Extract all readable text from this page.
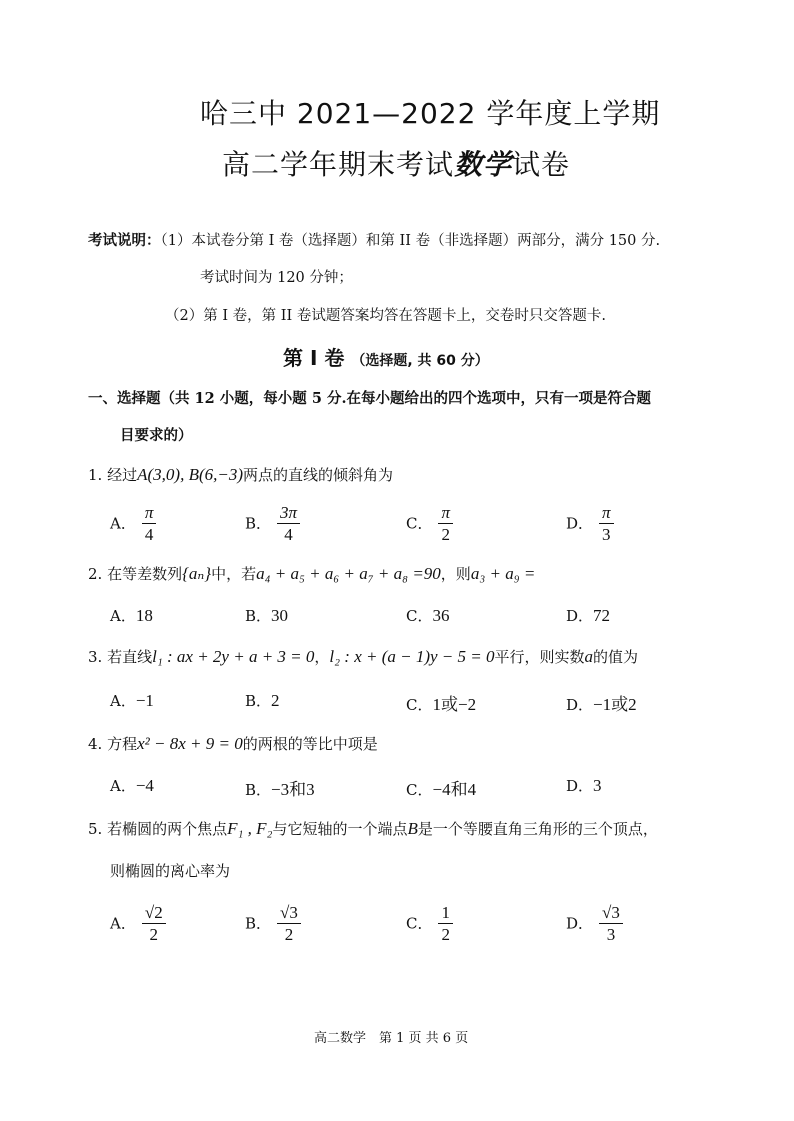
哈三中 2021—2022 学年度上学期
高二学年期末考试数学试卷
考试说明：（1）本试卷分第 I 卷（选择题）和第 II 卷（非选择题）两部分，满分 150 分.
考试时间为 120 分钟；
（2）第 I 卷，第 II 卷试题答案均答在答题卡上，交卷时只交答题卡.
第 I 卷 （选择题, 共 60 分）
一、选择题（共 12 小题，每小题 5 分.在每小题给出的四个选项中，只有一项是符合题
目要求的）
1. 经过A(3,0), B(6,−3)两点的直线的倾斜角为
A． $\frac{\pi}{4}$	B． $\frac{3\pi}{4}$	C． $\frac{\pi}{2}$	D． $\frac{\pi}{3}$
2. 在等差数列{aₙ}中，若a₄ + a₅ + a₆ + a₇ + a₈ =90，则a₃ + a₉ =
A．18	B．30	C．36	D．72
3. 若直线l₁ : ax + 2y + a + 3 = 0，l₂ : x + (a − 1)y − 5 = 0平行，则实数a的值为
A．−1	B．2	C．1或−2	D．−1或2
4. 方程x² − 8x + 9 = 0的两根的等比中项是
A．−4	B．−3和3	C．−4和4	D．3
5. 若椭圆的两个焦点F₁ , F₂与它短轴的一个端点B是一个等腰直角三角形的三个顶点，
则椭圆的离心率为
A． $\frac{√2}{2}$	B． $\frac{√3}{2}$	C． $\frac{1}{2}$	D． $\frac{√3}{3}$
高二数学　第 1 页 共 6 页
